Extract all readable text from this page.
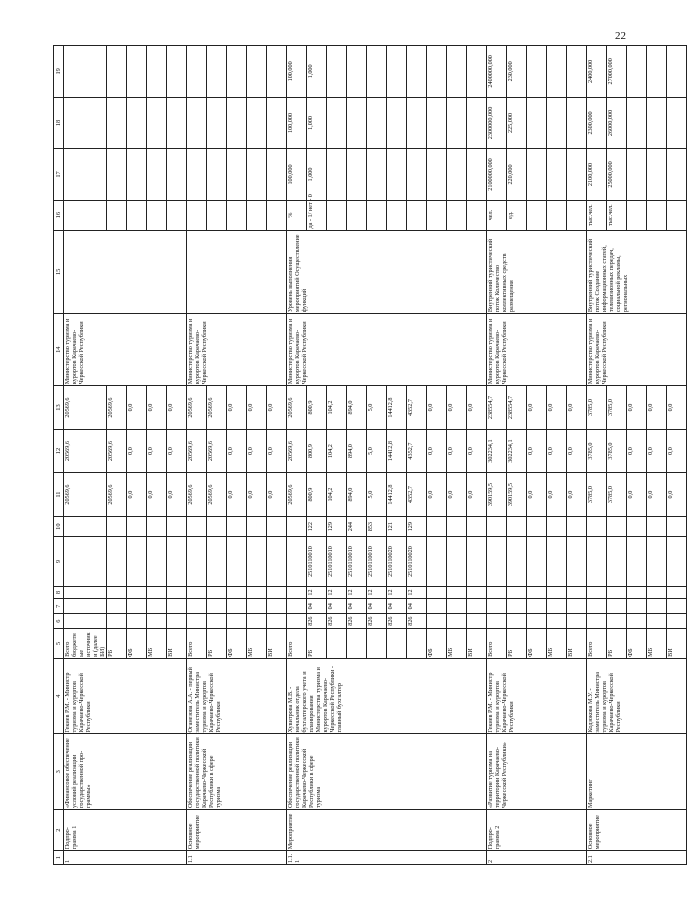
22
1	2	3	4	5	6	7	8	9	10	11	12	13	14	15	16	17	18	19
1	Подпро-грамма 1	«Финансовое обеспечение условий реализации государственной про-граммы»	Гекиев Р.М. - Министр туризма и курортов Карачаево-Черкесской Республики	Всего бюджетные источники (далее БИ)						20569,6	20569,6	20569,6	Министерство туризма и курортов Карачаево-Черкесской Республики					
				РБ						20569,6	20569,6	20569,6						
				ФБ						0,0	0,0	0,0						
				МБ						0,0	0,0	0,0						
				ВИ						0,0	0,0	0,0						
1.1	Основное мероприятие	Обеспечение реализации государственной политики Карачаево-Черкесской Республики в сфере туризма	Оганезова А.А. - первый заместитель Министра туризма и курортов Карачаево-Черкесской Республики	Всего						20569,6	20569,6	20569,6	Министерство туризма и курортов Карачаево-Черкесской Республики					
				РБ						20569,6	20569,6	20569,6						
				ФБ						0,0	0,0	0,0						
				МБ						0,0	0,0	0,0						
				ВИ						0,0	0,0	0,0						
1.1.1	Мероприятие	Обеспечение реализации государственной политики Карачаево-Черкесской Республики в сфере туризма	Хувитрова М.В. - начальник отдела бухгалтерского учета и планирования Министерства туризма и курортов Карачаево-Черкесской Республики - главный бухгалтер	Всего						20569,6	20569,6	20569,6	Министерство туризма и курортов Карачаево-Черкесской Республики	Уровень выполнения мероприятий Осуществление функций	%	100,000	100,000	100,000
				РБ	826	04	12	2510110010	122	800,9	800,9	800,9			да - 1/ нет - 0	1,000	1,000	1,000
					826	04	12	2510110010	129	104,2	104,2	104,2						
					826	04	12	2510110010	244	894,0	894,0	894,0						
					826	04	12	2510110010	853	5,0	5,0	5,0						
					826	04	12	2510110020	121	14412,8	14412,8	14412,8						
					826	04	12	2510110020	129	4352,7	4352,7	4352,7						
				ФБ						0,0	0,0	0,0						
				МБ						0,0	0,0	0,0						
				ВИ						0,0	0,0	0,0						
2	Подпро-грамма 2	«Развитие туризма на территории Карачаево-Черкесской Республики»	Гекиев Р.М. - Министр туризма и курортов Карачаево-Черкесской Республики	Всего						390159,5	302234,1	238554,7	Министерство туризма и курортов Карачаево-Черкесской Республики	Внутренний туристический поток Количество коллективных средств размещения	чел.	2100000,000	2300000,000	2400000,000
				РБ						390159,5	302234,1	238554,7			ед.	220,000	225,000	230,000
				ФБ						0,0	0,0	0,0						
				МБ						0,0	0,0	0,0						
				ВИ						0,0	0,0	0,0						
2.1	Основное мероприятие	Маркетинг	Кодзокова М.У. - заместитель Министра туризма и курортов Карачаево-Черкесской Республики	Всего						3785,0	3785,0	3785,0	Министерство туризма и курортов Карачаево-Черкесской Республики	Внутренний туристический поток Создание информационных статей, телевизионных передач, социальной рекламы, региональных	тыс.чел.	2100,000	2300,000	2400,000
				РБ						3785,0	3785,0	3785,0			тыс.чел.	25000,000	26000,000	27000,000
				ФБ						0,0	0,0	0,0						
				МБ						0,0	0,0	0,0						
				ВИ						0,0	0,0	0,0						
